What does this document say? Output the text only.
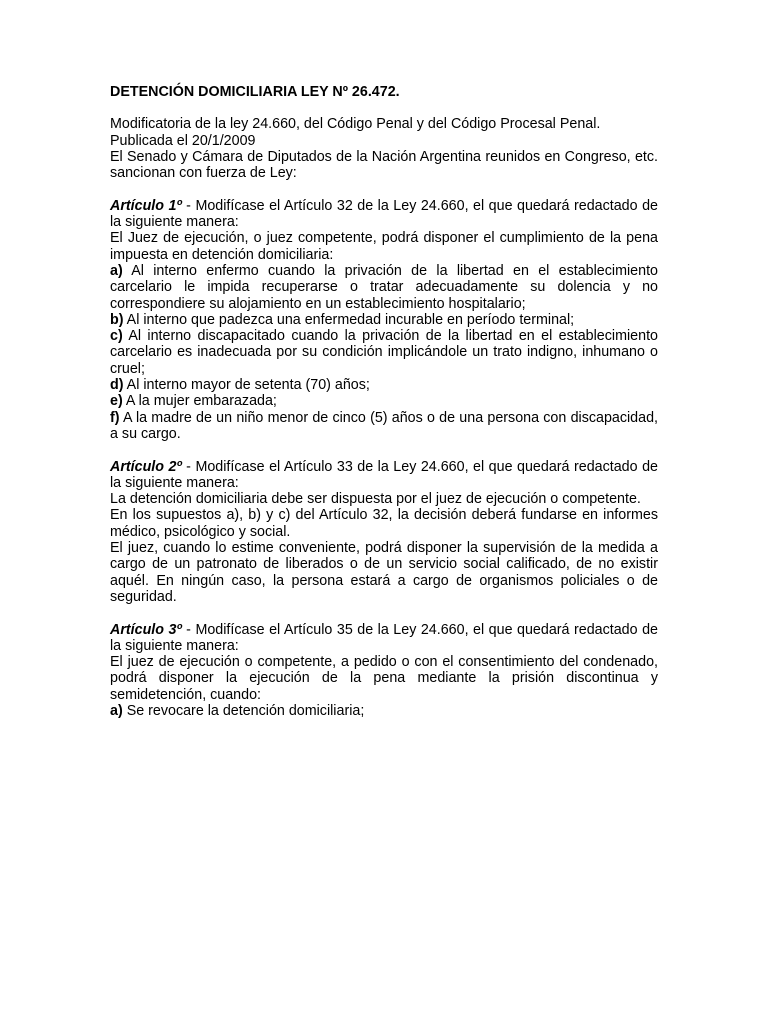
DETENCIÓN DOMICILIARIA LEY Nº 26.472.

Modificatoria de la ley 24.660, del Código Penal y del Código Procesal Penal.

Publicada el 20/1/2009

El Senado y Cámara de Diputados de la Nación Argentina reunidos en Congreso, etc. sancionan con fuerza de Ley:

Artículo 1º - Modifícase el Artículo 32 de la Ley 24.660, el que quedará redactado de la siguiente manera:

El Juez de ejecución, o juez competente, podrá disponer el cumplimiento de la pena impuesta en detención domiciliaria:

a) Al interno enfermo cuando la privación de la libertad en el establecimiento carcelario le impida recuperarse o tratar adecuadamente su dolencia y no correspondiere su alojamiento en un establecimiento hospitalario;

b) Al interno que padezca una enfermedad incurable en período terminal;

c) Al interno discapacitado cuando la privación de la libertad en el establecimiento carcelario es inadecuada por su condición implicándole un trato indigno, inhumano o cruel;

d) Al interno mayor de setenta (70) años;

e) A la mujer embarazada;

f) A la madre de un niño menor de cinco (5) años o de una persona con discapacidad, a su cargo.

Artículo 2º - Modifícase el Artículo 33 de la Ley 24.660, el que quedará redactado de la siguiente manera:

La detención domiciliaria debe ser dispuesta por el juez de ejecución o competente.

En los supuestos a), b) y c) del Artículo 32, la decisión deberá fundarse en informes médico, psicológico y social.

El juez, cuando lo estime conveniente, podrá disponer la supervisión de la medida a cargo de un patronato de liberados o de un servicio social calificado, de no existir aquél. En ningún caso, la persona estará a cargo de organismos policiales o de seguridad.

Artículo 3º - Modifícase el Artículo 35 de la Ley 24.660, el que quedará redactado de la siguiente manera:

El juez de ejecución o competente, a pedido o con el consentimiento del condenado, podrá disponer la ejecución de la pena mediante la prisión discontinua y semidetención, cuando:

a) Se revocare la detención domiciliaria;
